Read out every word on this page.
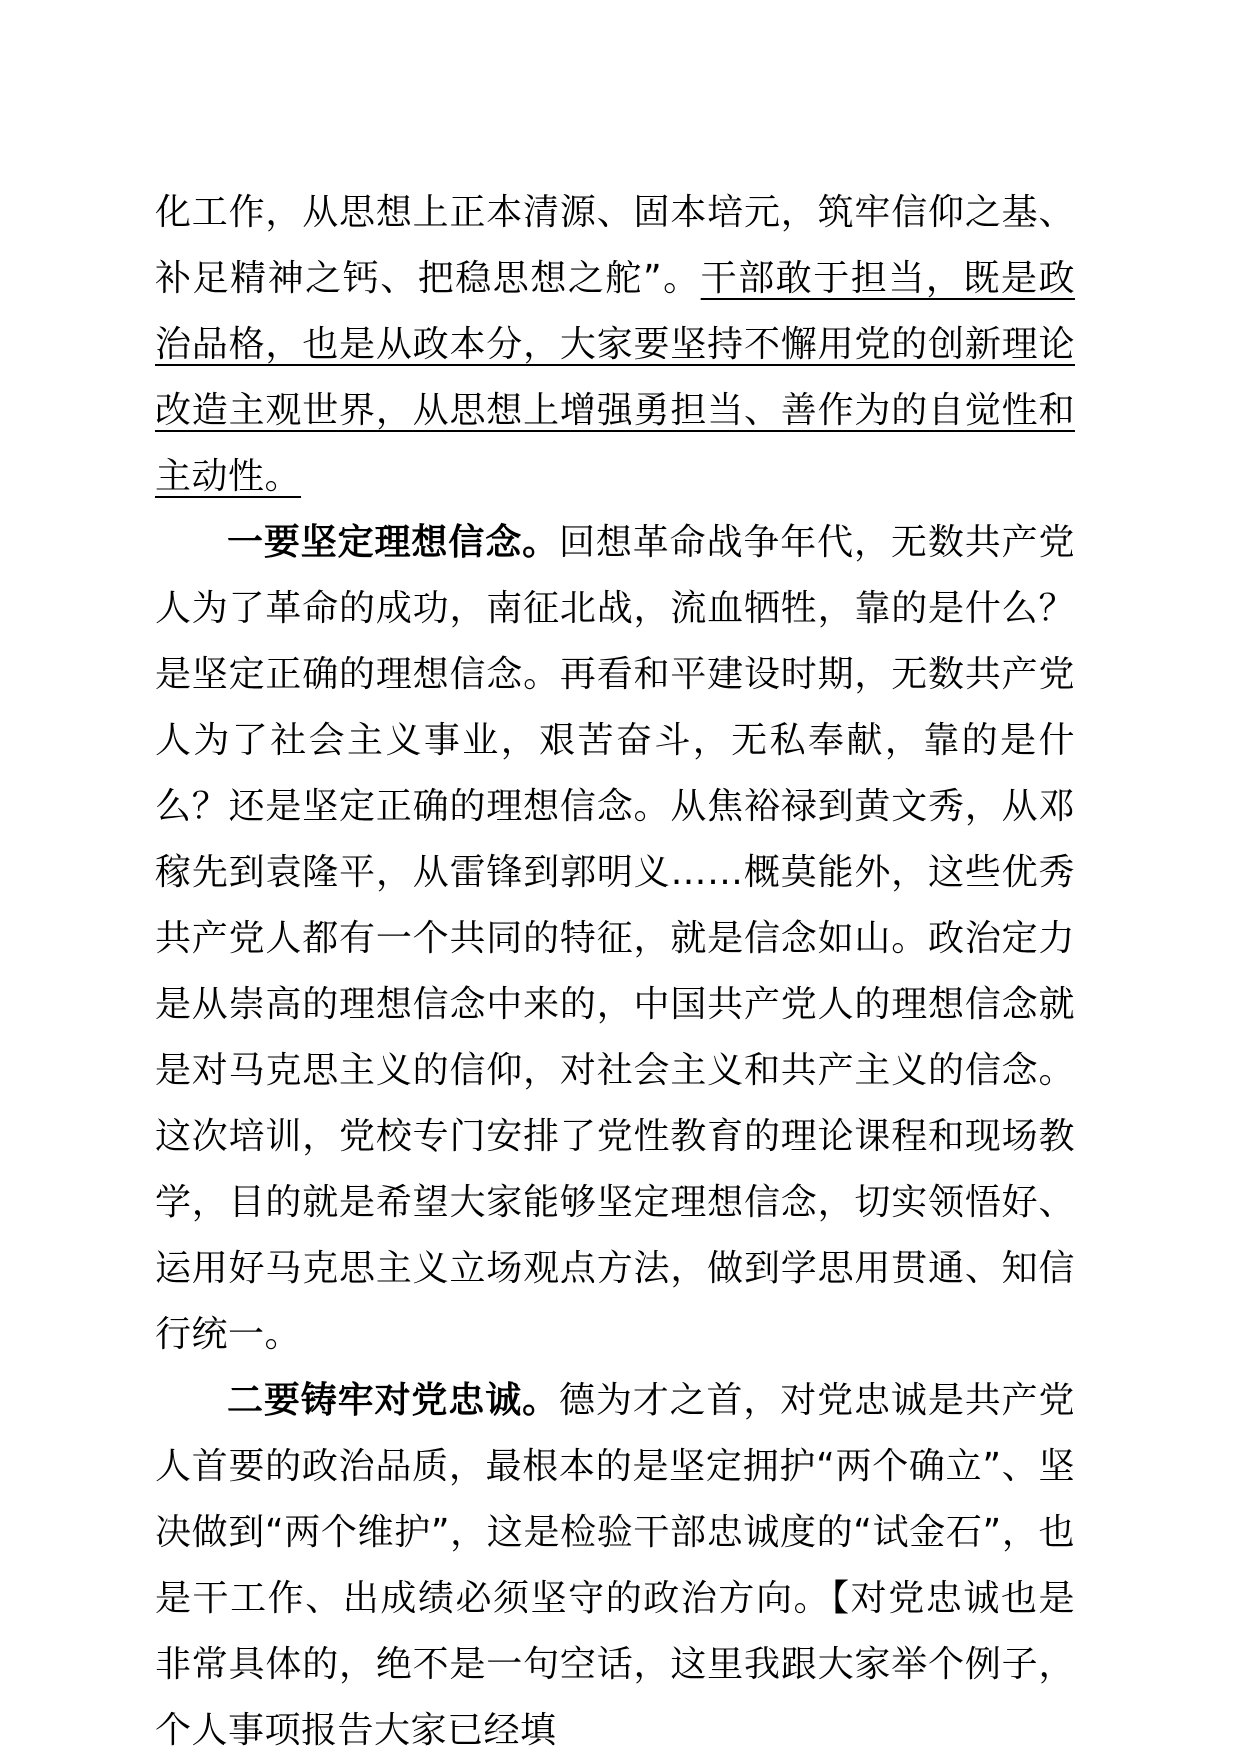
化工作，从思想上正本清源、固本培元，筑牢信仰之基、补足精神之钙、把稳思想之舵”。干部敢于担当，既是政治品格，也是从政本分，大家要坚持不懈用党的创新理论改造主观世界，从思想上增强勇担当、善作为的自觉性和主动性。

一要坚定理想信念。回想革命战争年代，无数共产党人为了革命的成功，南征北战，流血牺牲，靠的是什么？是坚定正确的理想信念。再看和平建设时期，无数共产党人为了社会主义事业，艰苦奋斗，无私奉献，靠的是什么？还是坚定正确的理想信念。从焦裕禄到黄文秀，从邓稼先到袁隆平，从雷锋到郭明义……概莫能外，这些优秀共产党人都有一个共同的特征，就是信念如山。政治定力是从崇高的理想信念中来的，中国共产党人的理想信念就是对马克思主义的信仰，对社会主义和共产主义的信念。这次培训，党校专门安排了党性教育的理论课程和现场教学，目的就是希望大家能够坚定理想信念，切实领悟好、运用好马克思主义立场观点方法，做到学思用贯通、知信行统一。

二要铸牢对党忠诚。德为才之首，对党忠诚是共产党人首要的政治品质，最根本的是坚定拥护“两个确立”、坚决做到“两个维护”，这是检验干部忠诚度的“试金石”，也是干工作、出成绩必须坚守的政治方向。【对党忠诚也是非常具体的，绝不是一句空话，这里我跟大家举个例子，个人事项报告大家已经填
